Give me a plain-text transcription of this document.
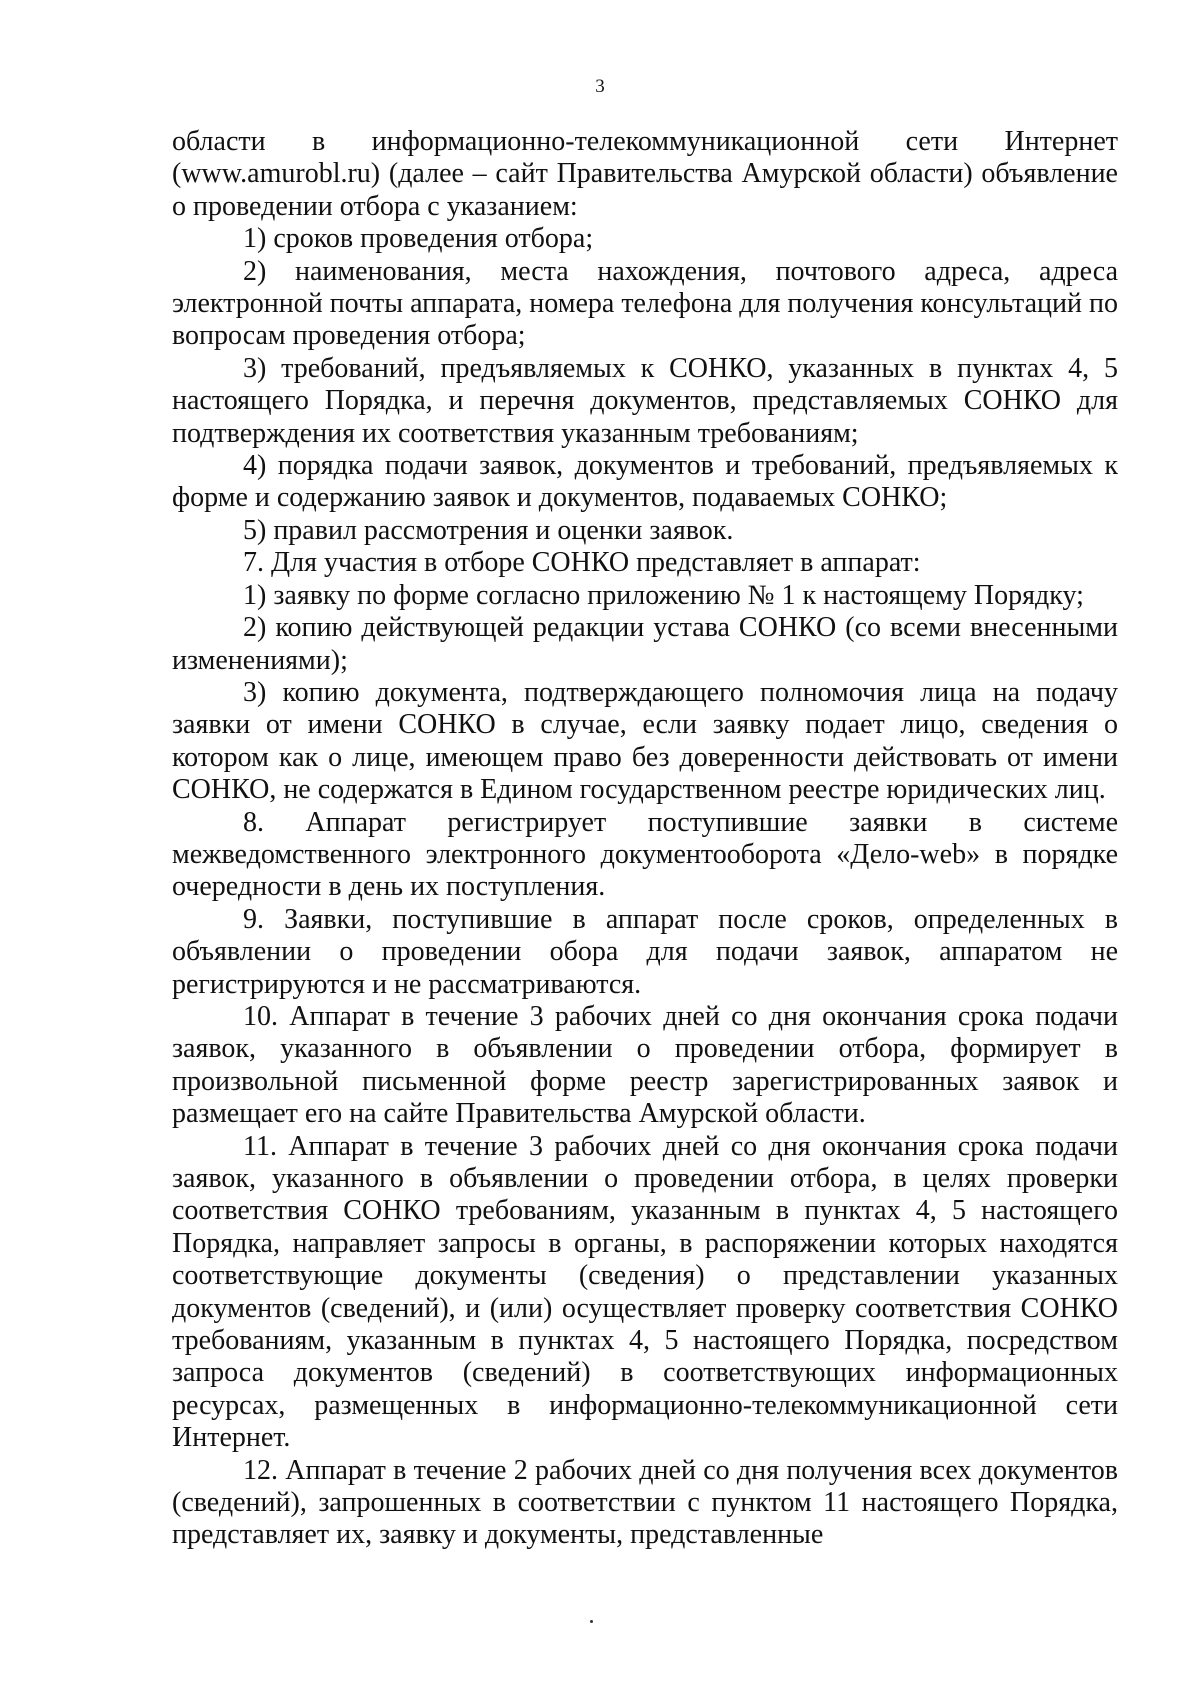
3

области в информационно-телекоммуникационной сети Интернет (www.amurobl.ru) (далее – сайт Правительства Амурской области) объявление о проведении отбора с указанием:

1) сроков проведения отбора;

2) наименования, места нахождения, почтового адреса, адреса электронной почты аппарата, номера телефона для получения консультаций по вопросам проведения отбора;

3) требований, предъявляемых к СОНКО, указанных в пунктах 4, 5 настоящего Порядка, и перечня документов, представляемых СОНКО для подтверждения их соответствия указанным требованиям;

4) порядка подачи заявок, документов и требований, предъявляемых к форме и содержанию заявок и документов, подаваемых СОНКО;

5) правил рассмотрения и оценки заявок.

7. Для участия в отборе СОНКО представляет в аппарат:

1) заявку по форме согласно приложению № 1 к настоящему Порядку;

2) копию действующей редакции устава СОНКО (со всеми внесенными изменениями);

3) копию документа, подтверждающего полномочия лица на подачу заявки от имени СОНКО в случае, если заявку подает лицо, сведения о котором как о лице, имеющем право без доверенности действовать от имени СОНКО, не содержатся в Едином государственном реестре юридических лиц.

8. Аппарат регистрирует поступившие заявки в системе межведомственного электронного документооборота «Дело-web» в порядке очередности в день их поступления.

9. Заявки, поступившие в аппарат после сроков, определенных в объявлении о проведении обора для подачи заявок, аппаратом не регистрируются и не рассматриваются.

10. Аппарат в течение 3 рабочих дней со дня окончания срока подачи заявок, указанного в объявлении о проведении отбора, формирует в произвольной письменной форме реестр зарегистрированных заявок и размещает его на сайте Правительства Амурской области.

11. Аппарат в течение 3 рабочих дней со дня окончания срока подачи заявок, указанного в объявлении о проведении отбора, в целях проверки соответствия СОНКО требованиям, указанным в пунктах 4, 5 настоящего Порядка, направляет запросы в органы, в распоряжении которых находятся соответствующие документы (сведения) о представлении указанных документов (сведений), и (или) осуществляет проверку соответствия СОНКО требованиям, указанным в пунктах 4, 5 настоящего Порядка, посредством запроса документов (сведений) в соответствующих информационных ресурсах, размещенных в информационно-телекоммуникационной сети Интернет.

12. Аппарат в течение 2 рабочих дней со дня получения всех документов (сведений), запрошенных в соответствии с пунктом 11 настоящего Порядка, представляет их, заявку и документы, представленные
